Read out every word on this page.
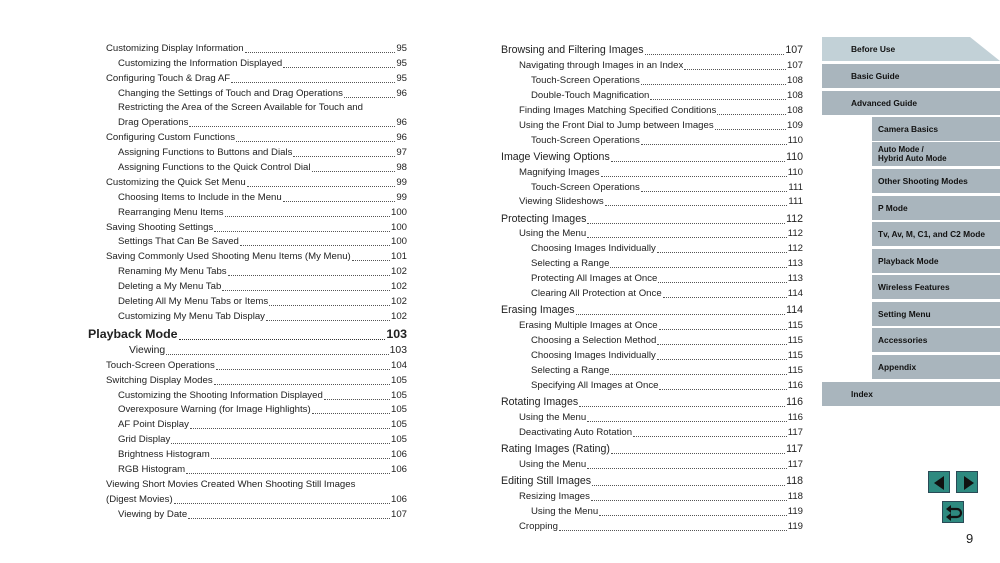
Customizing Display Information	95
Customizing the Information Displayed	95
Configuring Touch & Drag AF	95
Changing the Settings of Touch and Drag Operations	96
Restricting the Area of the Screen Available for Touch and
Drag Operations	96
Configuring Custom Functions	96
Assigning Functions to Buttons and Dials	97
Assigning Functions to the Quick Control Dial	98
Customizing the Quick Set Menu	99
Choosing Items to Include in the Menu	99
Rearranging Menu Items	100
Saving Shooting Settings	100
Settings That Can Be Saved	100
Saving Commonly Used Shooting Menu Items (My Menu)	101
Renaming My Menu Tabs	102
Deleting a My Menu Tab	102
Deleting All My Menu Tabs or Items	102
Customizing My Menu Tab Display	102
Playback Mode	103
Viewing	103
Touch-Screen Operations	104
Switching Display Modes	105
Customizing the Shooting Information Displayed	105
Overexposure Warning (for Image Highlights)	105
AF Point Display	105
Grid Display	105
Brightness Histogram	106
RGB Histogram	106
Viewing Short Movies Created When Shooting Still Images
(Digest Movies)	106
Viewing by Date	107
Browsing and Filtering Images	107
Navigating through Images in an Index	107
Touch-Screen Operations	108
Double-Touch Magnification	108
Finding Images Matching Specified Conditions	108
Using the Front Dial to Jump between Images	109
Touch-Screen Operations	110
Image Viewing Options	110
Magnifying Images	110
Touch-Screen Operations	111
Viewing Slideshows	111
Protecting Images	112
Using the Menu	112
Choosing Images Individually	112
Selecting a Range	113
Protecting All Images at Once	113
Clearing All Protection at Once	114
Erasing Images	114
Erasing Multiple Images at Once	115
Choosing a Selection Method	115
Choosing Images Individually	115
Selecting a Range	115
Specifying All Images at Once	116
Rotating Images	116
Using the Menu	116
Deactivating Auto Rotation	117
Rating Images (Rating)	117
Using the Menu	117
Editing Still Images	118
Resizing Images	118
Using the Menu	119
Cropping	119
Before Use
Basic Guide
Advanced Guide
Camera Basics
Auto Mode /
Hybrid Auto Mode
Other Shooting Modes
P Mode
Tv, Av, M, C1, and C2 Mode
Playback Mode
Wireless Features
Setting Menu
Accessories
Appendix
Index
9
